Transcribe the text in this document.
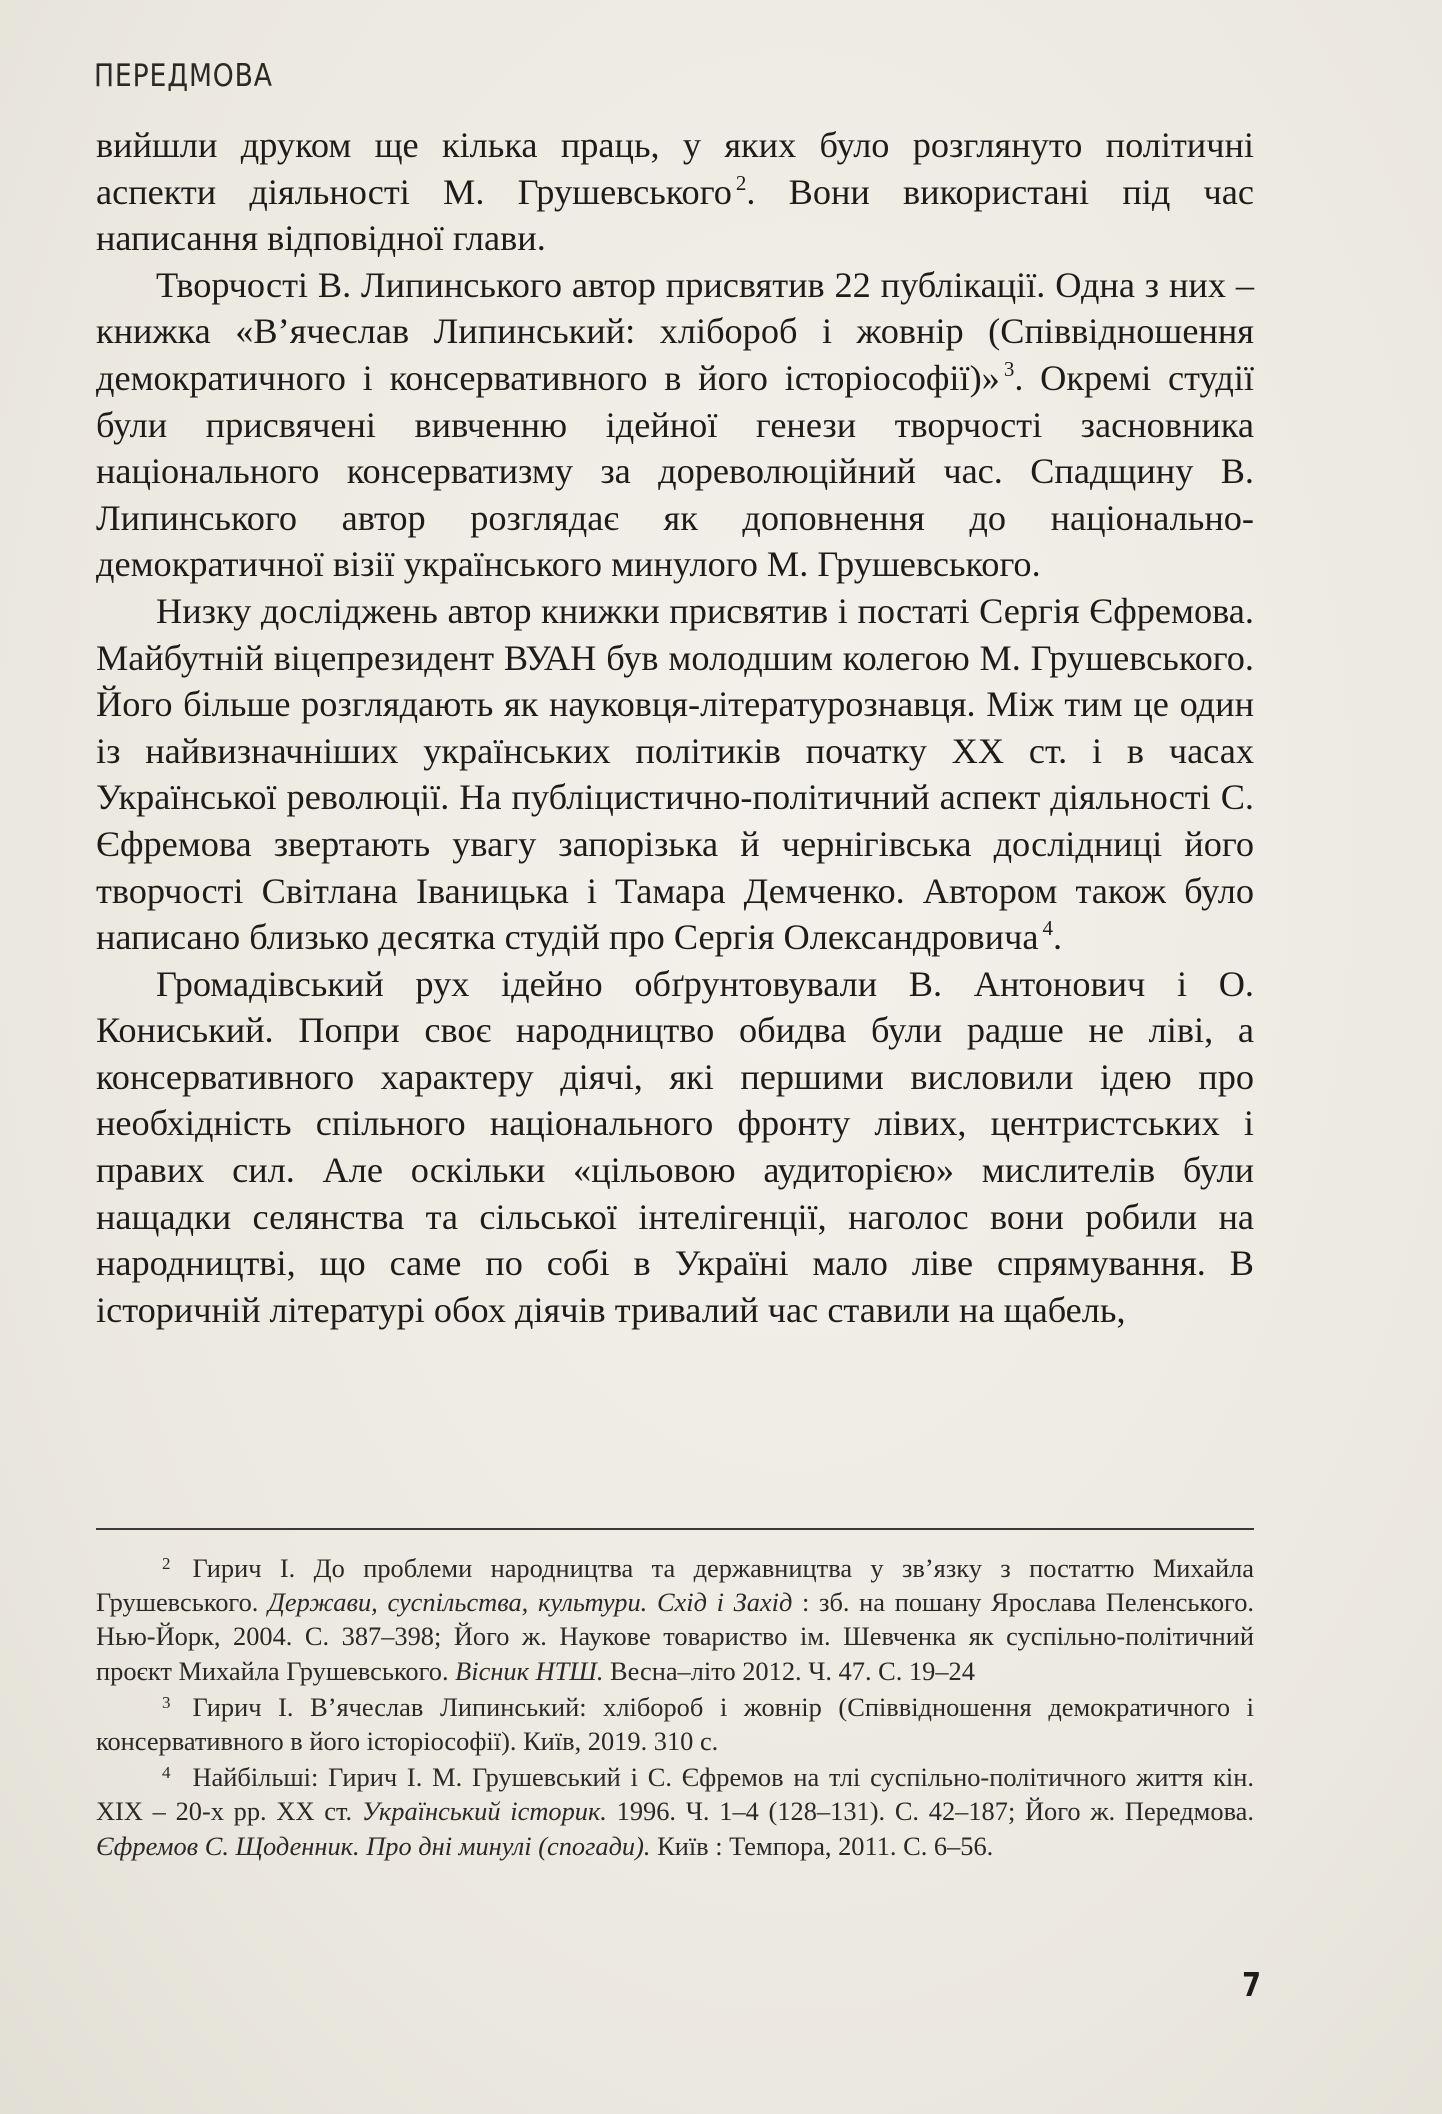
ПЕРЕДМОВА

вийшли друком ще кілька праць, у яких було розглянуто політичні аспекти діяльності М. Грушевського $^2$. Вони використані під час написання відповідної глави.

Творчості В. Липинського автор присвятив 22 публікації. Одна з них – книжка «В’ячеслав Липинський: хлібороб і жовнір (Співвідношення демократичного і консервативного в його історіософії)» $^3$. Окремі студії були присвячені вивченню ідейної генези творчості засновника національного консерватизму за дореволюційний час. Спадщину В. Липинського автор розглядає як доповнення до національно-демократичної візії українського минулого М. Грушевського.

Низку досліджень автор книжки присвятив і постаті Сергія Єфремова. Майбутній віцепрезидент ВУАН був молодшим колегою М. Грушевського. Його більше розглядають як науковця-літературознавця. Між тим це один із найвизначніших українських політиків початку ХХ ст. і в часах Української революції. На публіцистично-політичний аспект діяльності С. Єфремова звертають увагу запорізька й чернігівська дослідниці його творчості Світлана Іваницька і Тамара Демченко. Автором також було написано близько десятка студій про Сергія Олександровича $^4$.

Громадівський рух ідейно обґрунтовували В. Антонович і О. Кониський. Попри своє народництво обидва були радше не ліві, а консервативного характеру діячі, які першими висловили ідею про необхідність спільного національного фронту лівих, центристських і правих сил. Але оскільки «цільовою аудиторією» мислителів були нащадки селянства та сільської інтелігенції, наголос вони робили на народництві, що саме по собі в Україні мало ліве спрямування. В історичній літературі обох діячів тривалий час ставили на щабель,

$^2$ Гирич І. До проблеми народництва та державництва у зв’язку з постаттю Михайла Грушевського. Держави, суспільства, культури. Схід і Захід : зб. на пошану Ярослава Пеленського. Нью-Йорк, 2004. С. 387–398; Його ж. Наукове товариство ім. Шевченка як суспільно-політичний проєкт Михайла Грушевського. Вісник НТШ. Весна–літо 2012. Ч. 47. С. 19–24

$^3$ Гирич І. В’ячеслав Липинський: хлібороб і жовнір (Співвідношення демократичного і консервативного в його історіософії). Київ, 2019. 310 с.

$^4$ Найбільші: Гирич І. М. Грушевський і С. Єфремов на тлі суспільно-політичного життя кін. ХІХ – 20-х рр. ХХ ст. Український історик. 1996. Ч. 1–4 (128–131). С. 42–187; Його ж. Передмова. Єфремов С. Щоденник. Про дні минулі (спогади). Київ : Темпора, 2011. С. 6–56.

7
